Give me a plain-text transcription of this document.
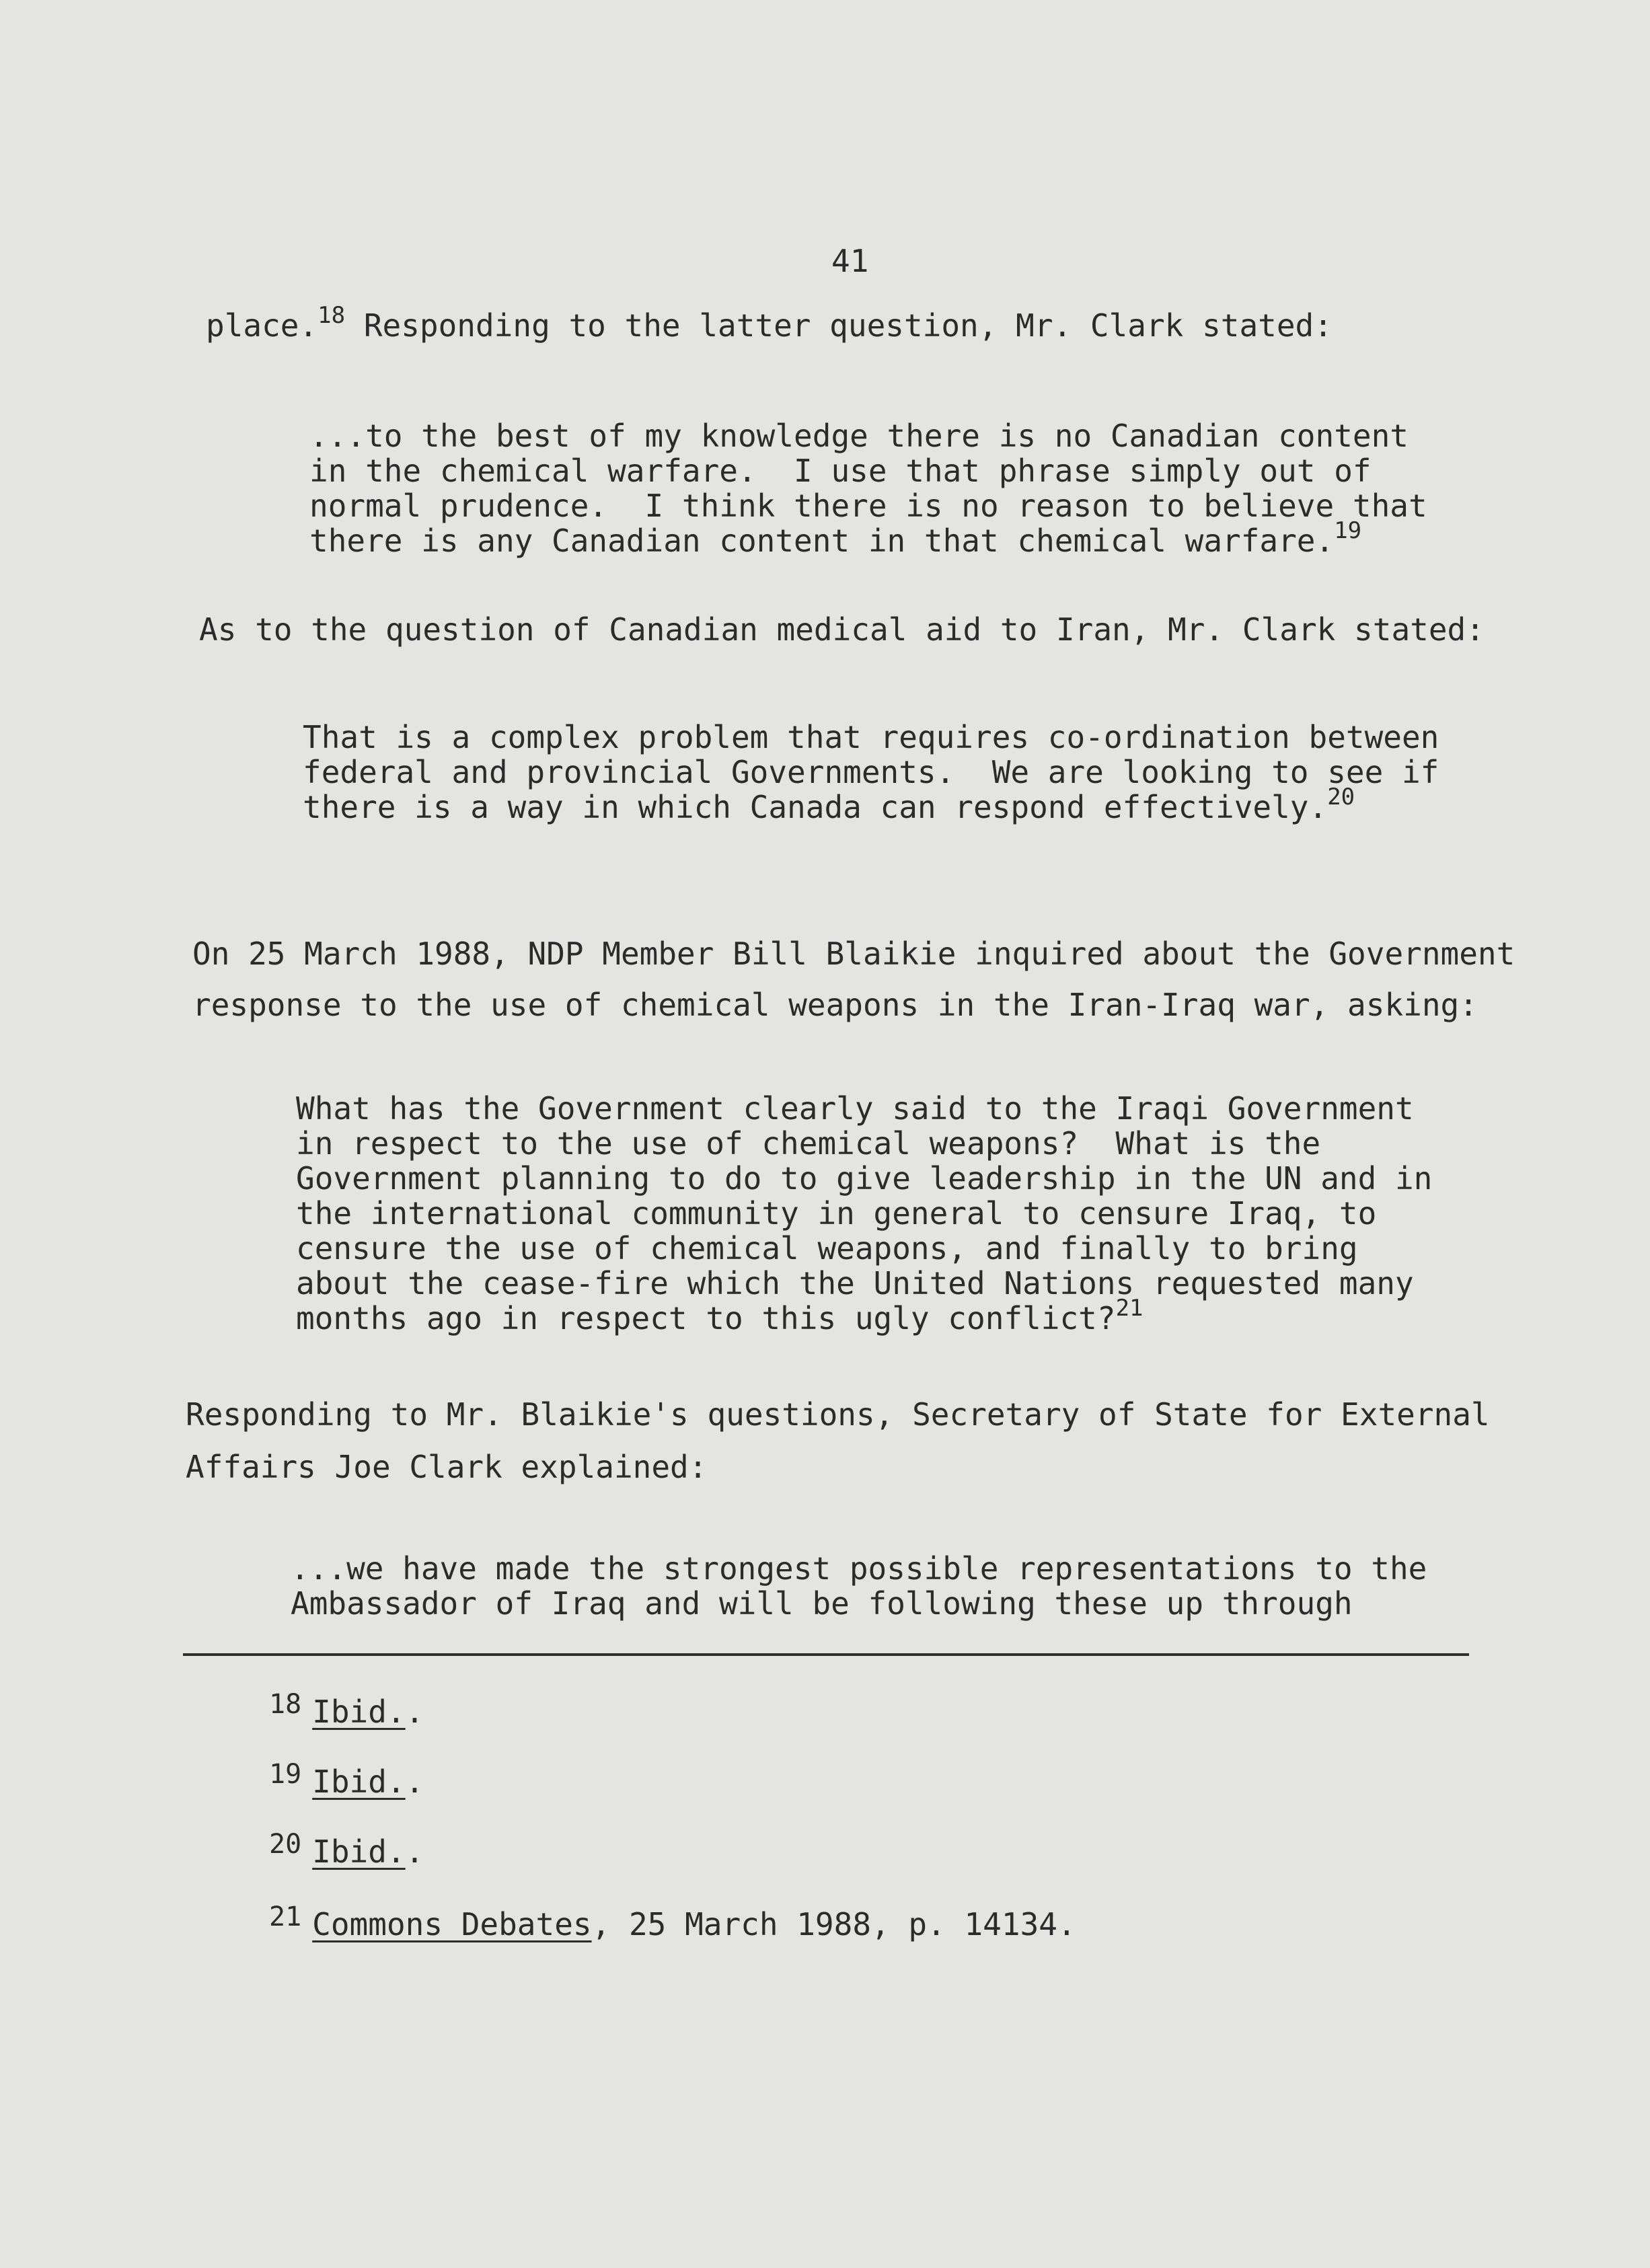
41
place.$^{18}$ Responding to the latter question, Mr. Clark stated:
...to the best of my knowledge there is no Canadian content
in the chemical warfare.  I use that phrase simply out of
normal prudence.  I think there is no reason to believe that
there is any Canadian content in that chemical warfare.$^{19}$
As to the question of Canadian medical aid to Iran, Mr. Clark stated:
That is a complex problem that requires co-ordination between
federal and provincial Governments.  We are looking to see if
there is a way in which Canada can respond effectively.$^{20}$
On 25 March 1988, NDP Member Bill Blaikie inquired about the Government
response to the use of chemical weapons in the Iran-Iraq war, asking:
What has the Government clearly said to the Iraqi Government
in respect to the use of chemical weapons?  What is the
Government planning to do to give leadership in the UN and in
the international community in general to censure Iraq, to
censure the use of chemical weapons, and finally to bring
about the cease-fire which the United Nations requested many
months ago in respect to this ugly conflict?$^{21}$
Responding to Mr. Blaikie's questions, Secretary of State for External
Affairs Joe Clark explained:
...we have made the strongest possible representations to the
Ambassador of Iraq and will be following these up through
18 Ibid..
19 Ibid..
20 Ibid..
21 Commons Debates, 25 March 1988, p. 14134.
